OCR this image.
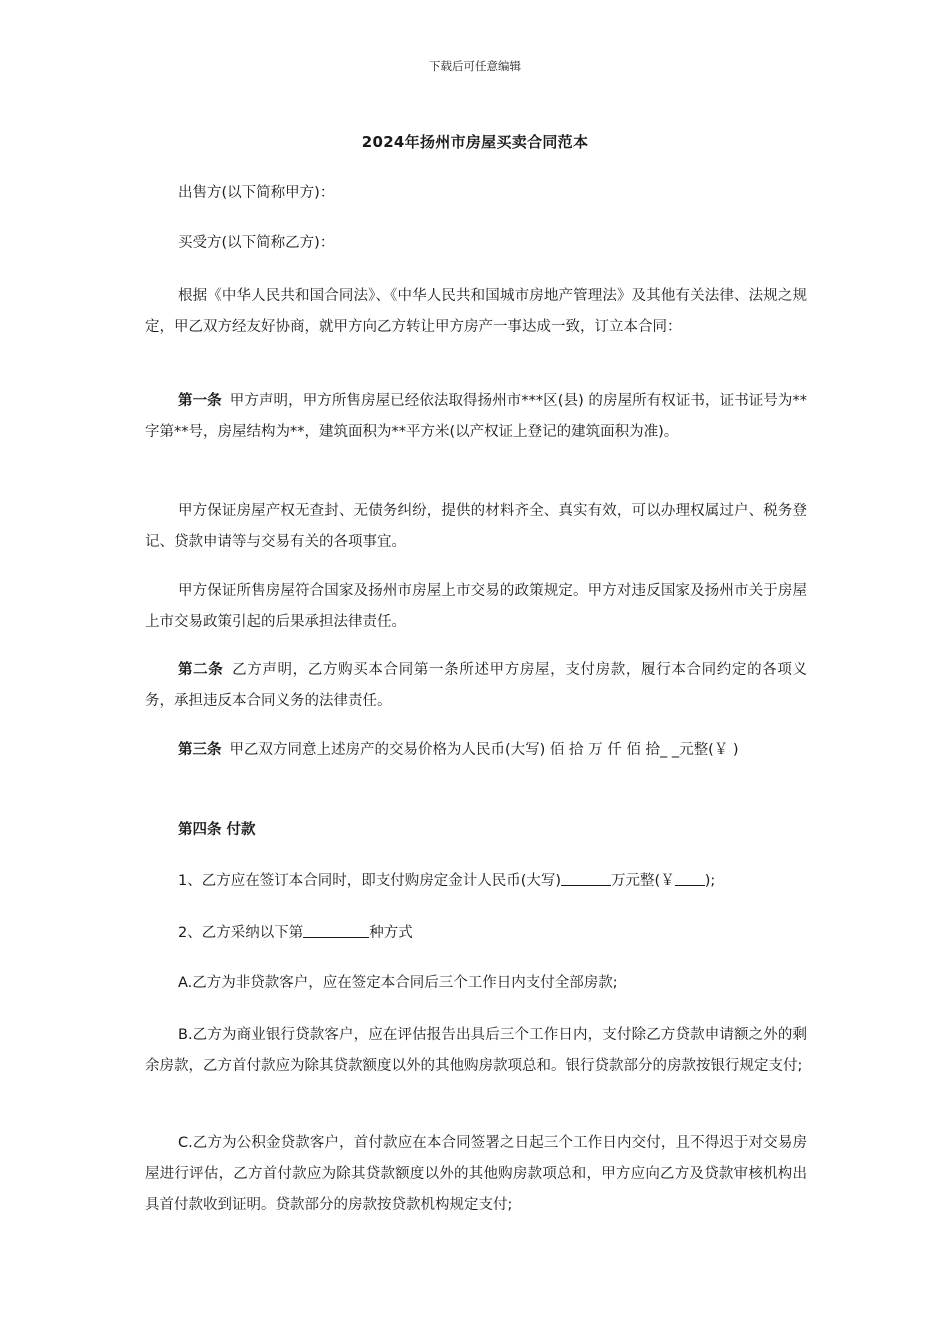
下载后可任意编辑
2024年扬州市房屋买卖合同范本

出售方(以下简称甲方)：

买受方(以下简称乙方)：

根据《中华人民共和国合同法》、《中华人民共和国城市房地产管理法》及其他有关法律、法规之规定，甲乙双方经友好协商，就甲方向乙方转让甲方房产一事达成一致，订立本合同：

第一条 甲方声明，甲方所售房屋已经依法取得扬州市***区(县) 的房屋所有权证书，证书证号为**字第**号，房屋结构为**，建筑面积为**平方米(以产权证上登记的建筑面积为准)。

甲方保证房屋产权无查封、无债务纠纷，提供的材料齐全、真实有效，可以办理权属过户、税务登记、贷款申请等与交易有关的各项事宜。

甲方保证所售房屋符合国家及扬州市房屋上市交易的政策规定。甲方对违反国家及扬州市关于房屋上市交易政策引起的后果承担法律责任。

第二条 乙方声明，乙方购买本合同第一条所述甲方房屋，支付房款，履行本合同约定的各项义务，承担违反本合同义务的法律责任。

第三条 甲乙双方同意上述房产的交易价格为人民币(大写) 佰 拾 万 仟 佰 拾_ _元整(￥ )

第四条 付款

1、乙方应在签订本合同时，即支付购房定金计人民币(大写)	万元整(￥ );

2、乙方采纳以下第	种方式

A.乙方为非贷款客户，应在签定本合同后三个工作日内支付全部房款;

B.乙方为商业银行贷款客户，应在评估报告出具后三个工作日内，支付除乙方贷款申请额之外的剩余房款，乙方首付款应为除其贷款额度以外的其他购房款项总和。银行贷款部分的房款按银行规定支付;

C.乙方为公积金贷款客户，首付款应在本合同签署之日起三个工作日内交付，且不得迟于对交易房屋进行评估，乙方首付款应为除其贷款额度以外的其他购房款项总和，甲方应向乙方及贷款审核机构出具首付款收到证明。贷款部分的房款按贷款机构规定支付;
